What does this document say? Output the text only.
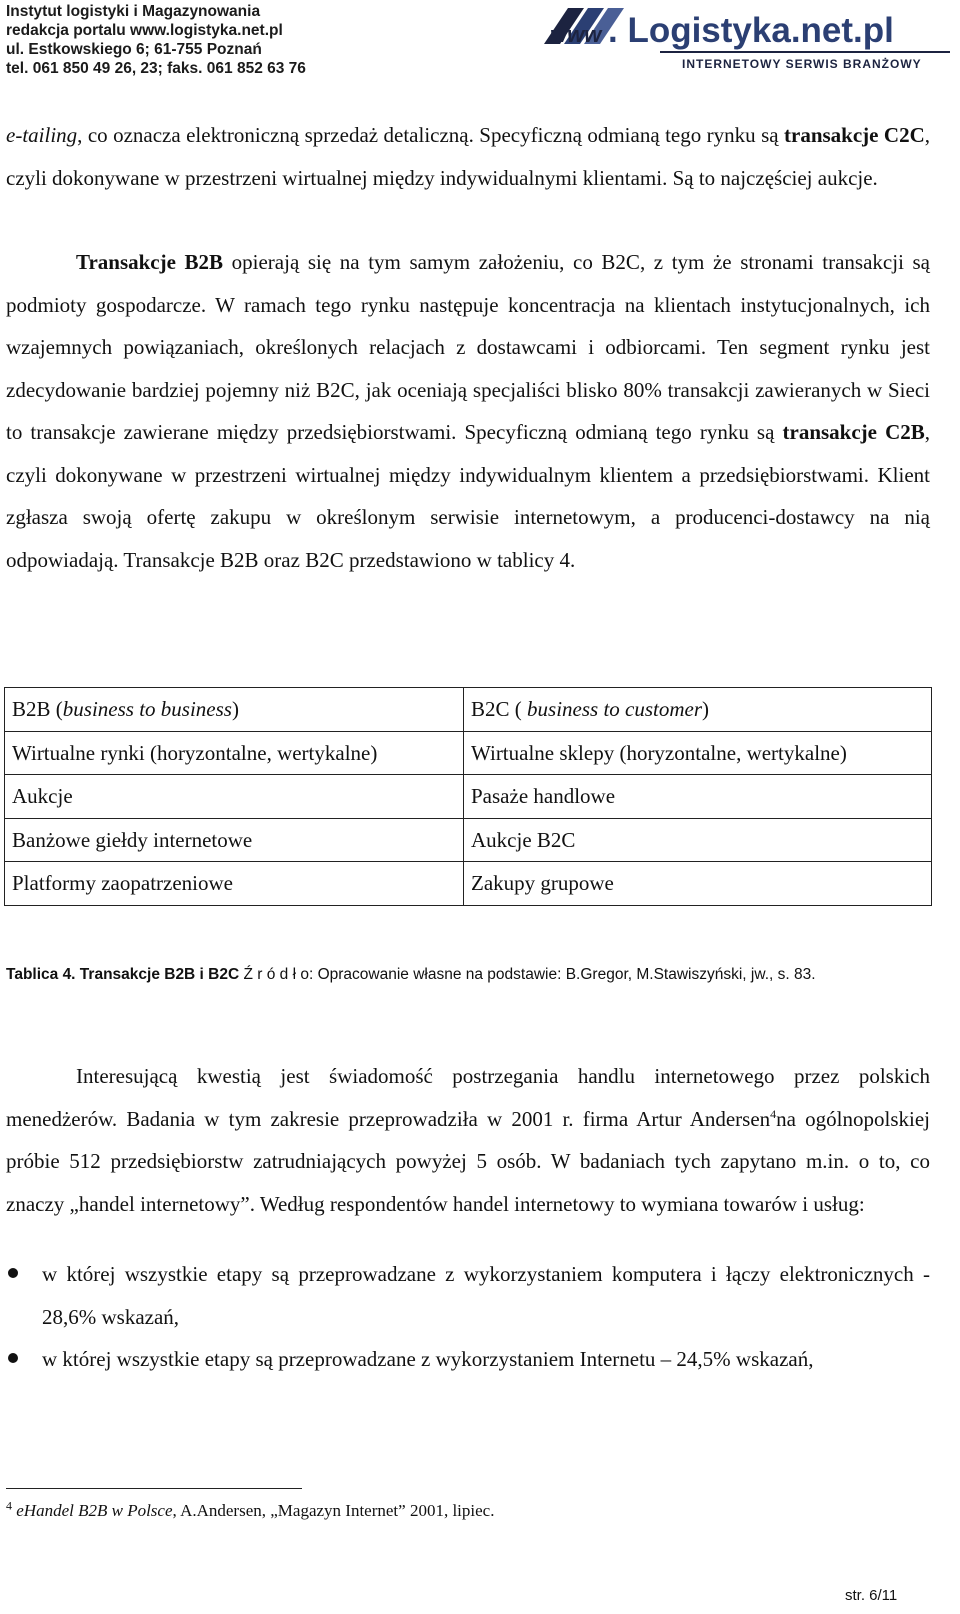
Instytut logistyki i Magazynowania
redakcja portalu www.logistyka.net.pl
ul. Estkowskiego 6; 61-755 Poznań
tel. 061 850 49 26, 23; faks. 061 852 63 76
www . Logistyka.net.pl
INTERNETOWY SERWIS BRANŻOWY
e-tailing, co oznacza elektroniczną sprzedaż detaliczną. Specyficzną odmianą tego rynku są transakcje C2C, czyli dokonywane w przestrzeni wirtualnej między indywidualnymi klientami. Są to najczęściej aukcje.
Transakcje B2B opierają się na tym samym założeniu, co B2C, z tym że stronami transakcji są podmioty gospodarcze. W ramach tego rynku następuje koncentracja na klientach instytucjonalnych, ich wzajemnych powiązaniach, określonych relacjach z dostawcami i odbiorcami. Ten segment rynku jest zdecydowanie bardziej pojemny niż B2C, jak oceniają specjaliści blisko 80% transakcji zawieranych w Sieci to transakcje zawierane między przedsiębiorstwami. Specyficzną odmianą tego rynku są transakcje C2B, czyli dokonywane w przestrzeni wirtualnej między indywidualnym klientem a przedsiębiorstwami. Klient zgłasza swoją ofertę zakupu w określonym serwisie internetowym, a producenci-dostawcy na nią odpowiadają. Transakcje B2B oraz B2C przedstawiono w tablicy 4.
B2B (business to business)	B2C ( business to customer)
Wirtualne rynki (horyzontalne, wertykalne)	Wirtualne sklepy (horyzontalne, wertykalne)
Aukcje	Pasaże handlowe
Banżowe giełdy internetowe	Aukcje B2C
Platformy zaopatrzeniowe	Zakupy grupowe
Tablica 4. Transakcje B2B i B2C Ź r ó d ł o: Opracowanie własne na podstawie: B.Gregor, M.Stawiszyński, jw., s. 83.
Interesującą kwestią jest świadomość postrzegania handlu internetowego przez polskich menedżerów. Badania w tym zakresie przeprowadziła w 2001 r. firma Artur Andersen$^4$na ogólnopolskiej próbie 512 przedsiębiorstw zatrudniających powyżej 5 osób. W badaniach tych zapytano m.in. o to, co znaczy „handel internetowy”. Według respondentów handel internetowy to wymiana towarów i usług:
w której wszystkie etapy są przeprowadzane z wykorzystaniem komputera i łączy elektronicznych - 28,6% wskazań,
w której wszystkie etapy są przeprowadzane z wykorzystaniem Internetu – 24,5% wskazań,
$^4$ eHandel B2B w Polsce, A.Andersen, „Magazyn Internet” 2001, lipiec.
str. 6/11
